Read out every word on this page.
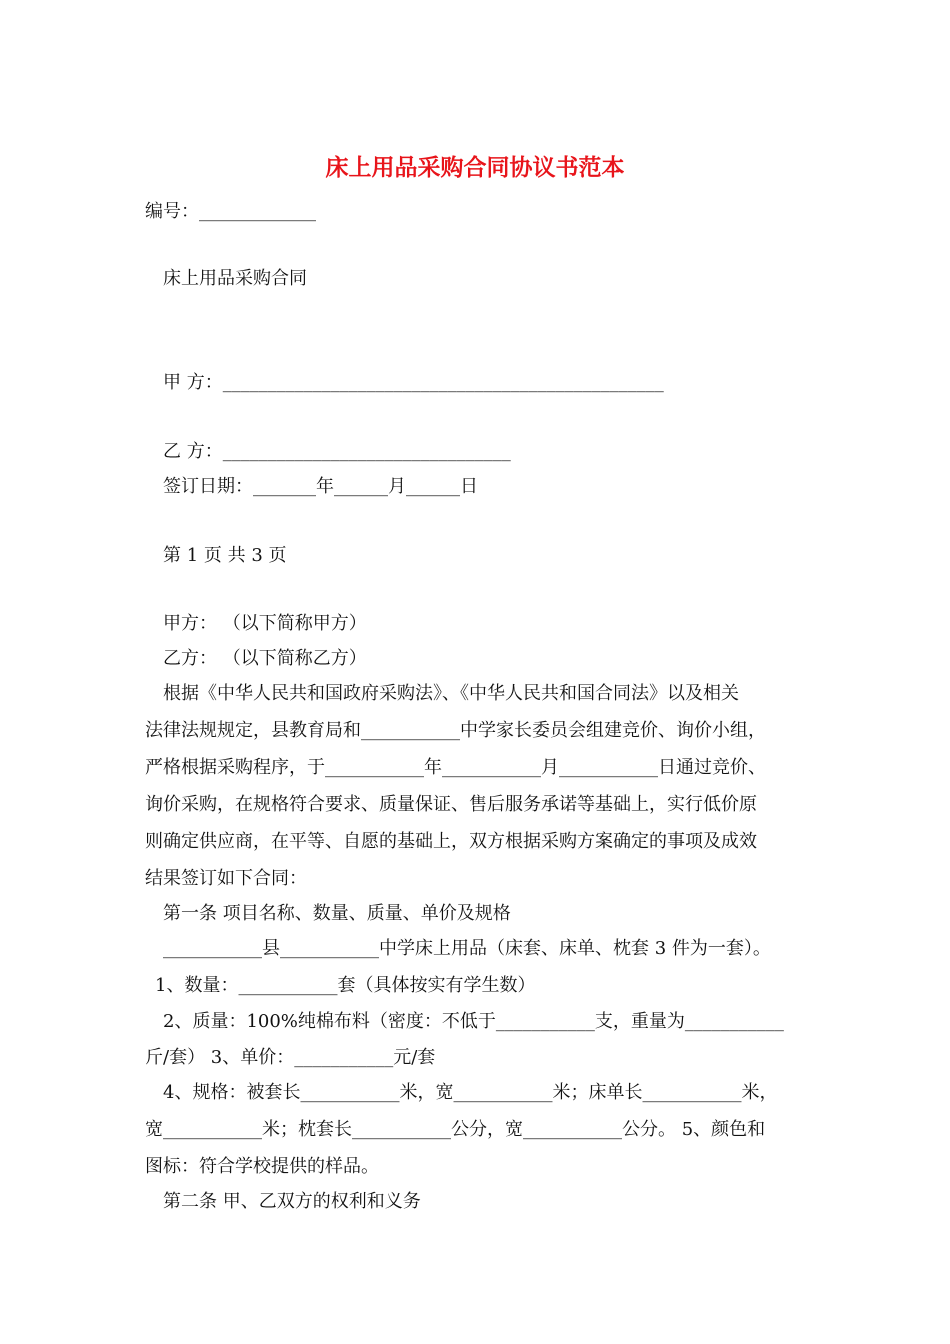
床上用品采购合同协议书范本
编号：_____________
床上用品采购合同
甲 方：_________________________________________________
乙 方：________________________________
签订日期：_______年______月______日
第 1 页 共 3 页
甲方： （以下简称甲方）
乙方： （以下简称乙方）
根据《中华人民共和国政府采购法》、《中华人民共和国合同法》以及相关
法律法规规定，县教育局和___________中学家长委员会组建竞价、询价小组，
严格根据采购程序，于___________年___________月___________日通过竞价、
询价采购，在规格符合要求、质量保证、售后服务承诺等基础上，实行低价原
则确定供应商，在平等、自愿的基础上，双方根据采购方案确定的事项及成效
结果签订如下合同：
第一条 项目名称、数量、质量、单价及规格
___________县___________中学床上用品（床套、床单、枕套 3 件为一套）。
1、数量：___________套（具体按实有学生数）
2、质量：100%纯棉布料（密度：不低于___________支，重量为___________
斤/套） 3、单价：___________元/套
4、规格：被套长___________米，宽___________米；床单长___________米，
宽___________米；枕套长___________公分，宽___________公分。 5、颜色和
图标：符合学校提供的样品。
第二条 甲、乙双方的权利和义务
